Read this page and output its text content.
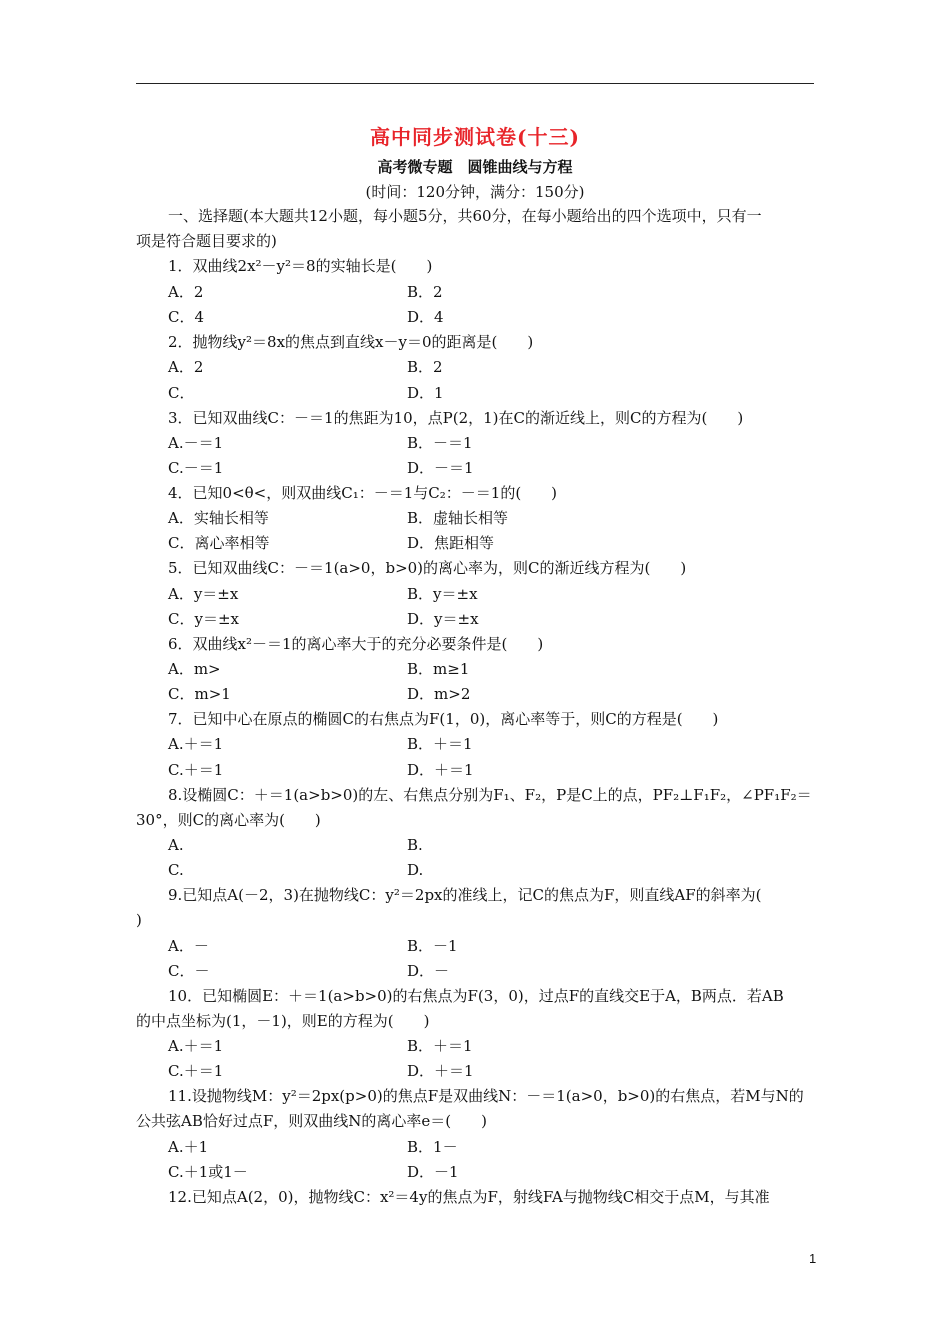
高中同步测试卷(十三)
高考微专题　圆锥曲线与方程
(时间：120分钟，满分：150分)
一、选择题(本大题共12小题，每小题5分，共60分，在每小题给出的四个选项中，只有一
项是符合题目要求的)
1．双曲线2x²－y²＝8的实轴长是(　　)
A．2	B．2
C．4	D．4
2．抛物线y²＝8x的焦点到直线x－y＝0的距离是(　　)
A．2	B．2
C．	D．1
3．已知双曲线C：－＝1的焦距为10，点P(2，1)在C的渐近线上，则C的方程为(　　)
A.－＝1	B．－＝1
C.－＝1	D．－＝1
4．已知0<θ<，则双曲线C₁：－＝1与C₂：－＝1的(　　)
A．实轴长相等	B．虚轴长相等
C．离心率相等	D．焦距相等
5．已知双曲线C：－＝1(a>0，b>0)的离心率为，则C的渐近线方程为(　　)
A．y＝±x	B．y＝±x
C．y＝±x	D．y＝±x
6．双曲线x²－＝1的离心率大于的充分必要条件是(　　)
A．m>	B．m≥1
C．m>1	D．m>2
7．已知中心在原点的椭圆C的右焦点为F(1，0)，离心率等于，则C的方程是(　　)
A.＋＝1	B．＋＝1
C.＋＝1	D．＋＝1
8.设椭圆C：＋＝1(a>b>0)的左、右焦点分别为F₁、F₂，P是C上的点，PF₂⊥F₁F₂，∠PF₁F₂＝
30°，则C的离心率为(　　)
A.	B.
C.	D.
9.已知点A(－2，3)在抛物线C：y²＝2px的准线上，记C的焦点为F，则直线AF的斜率为(
)
A．－	B．－1
C．－	D．－
10．已知椭圆E：＋＝1(a>b>0)的右焦点为F(3，0)，过点F的直线交E于A，B两点．若AB
的中点坐标为(1，－1)，则E的方程为(　　)
A.＋＝1	B．＋＝1
C.＋＝1	D．＋＝1
11.设抛物线M：y²＝2px(p>0)的焦点F是双曲线N：－＝1(a>0，b>0)的右焦点，若M与N的
公共弦AB恰好过点F，则双曲线N的离心率e＝(　　)
A.＋1	B．1－
C.＋1或1－	D．－1
12.已知点A(2，0)，抛物线C：x²＝4y的焦点为F，射线FA与抛物线C相交于点M，与其准
1
